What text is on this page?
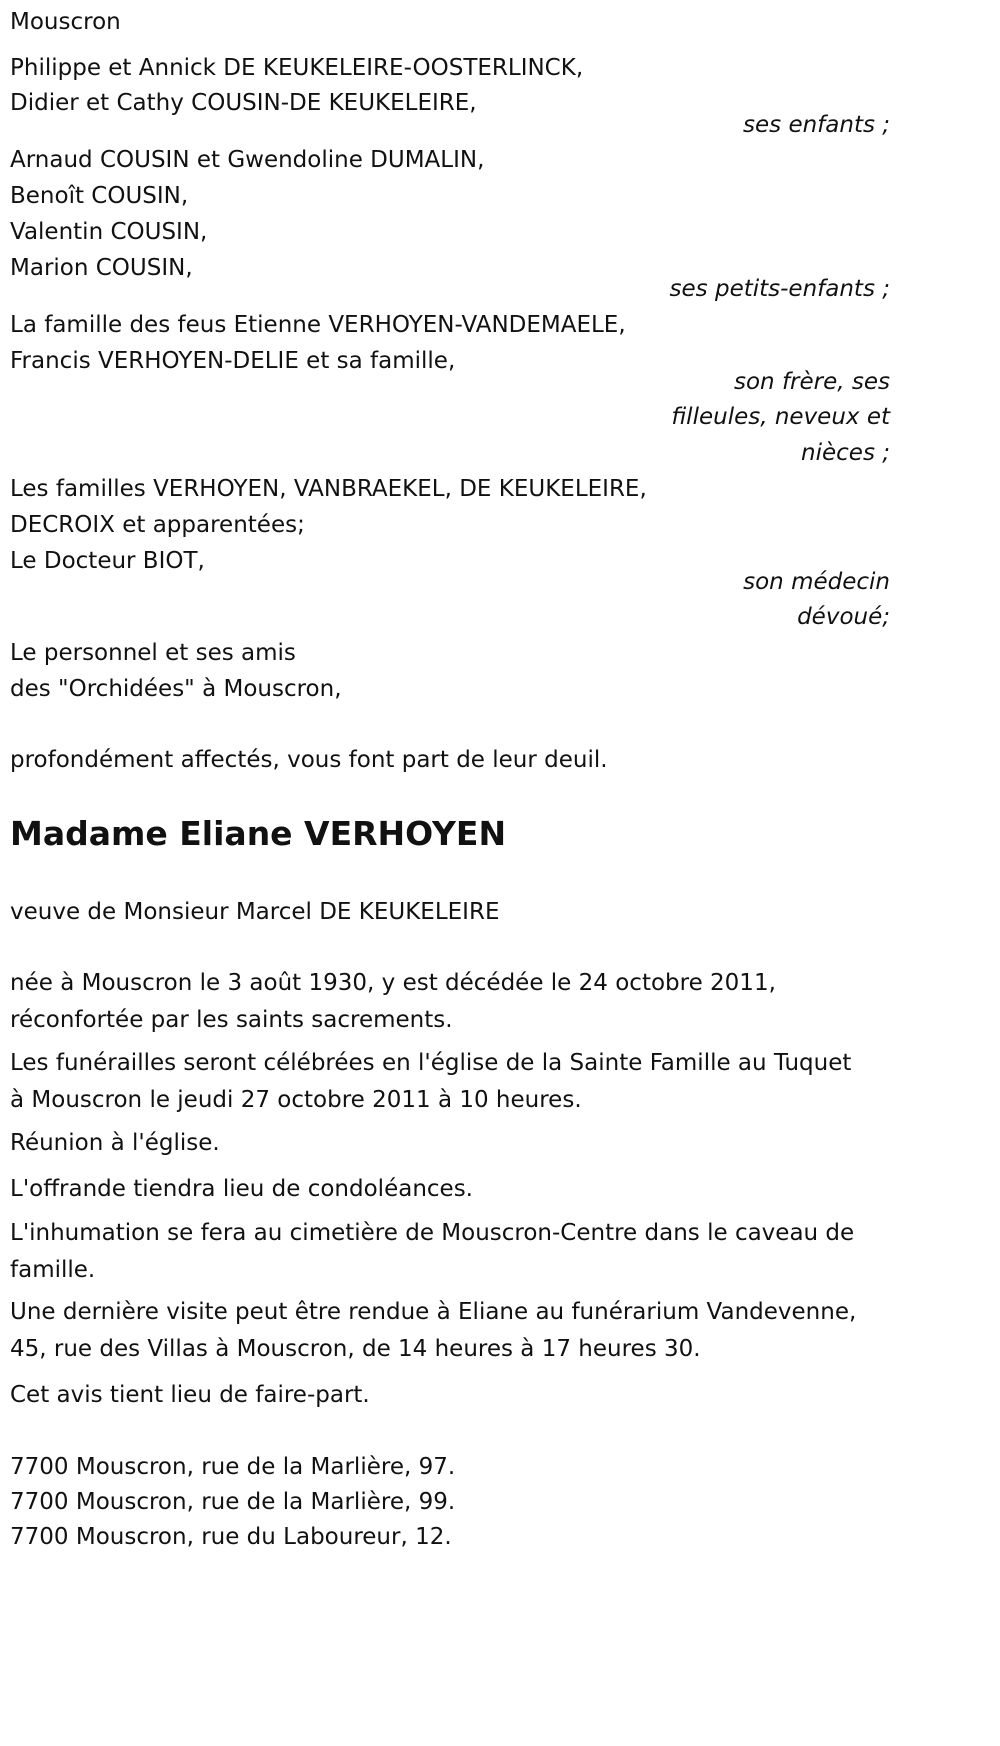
Mouscron
Philippe et Annick DE KEUKELEIRE-OOSTERLINCK,
Didier et Cathy COUSIN-DE KEUKELEIRE,
ses enfants ;
Arnaud COUSIN et Gwendoline DUMALIN,
Benoît COUSIN,
Valentin COUSIN,
Marion COUSIN,
ses petits-enfants ;
La famille des feus Etienne VERHOYEN-VANDEMAELE,
Francis VERHOYEN-DELIE et sa famille,
son frère, ses
filleules, neveux et
nièces ;
Les familles VERHOYEN, VANBRAEKEL, DE KEUKELEIRE,
DECROIX et apparentées;
Le Docteur BIOT,
son médecin
dévoué;
Le personnel et ses amis
des "Orchidées" à Mouscron,
profondément affectés, vous font part de leur deuil.
Madame Eliane VERHOYEN
veuve de Monsieur Marcel DE KEUKELEIRE
née à Mouscron le 3 août 1930, y est décédée le 24 octobre 2011,
réconfortée par les saints sacrements.
Les funérailles seront célébrées en l'église de la Sainte Famille au Tuquet
à Mouscron le jeudi 27 octobre 2011 à 10 heures.
Réunion à l'église.
L'offrande tiendra lieu de condoléances.
L'inhumation se fera au cimetière de Mouscron-Centre dans le caveau de
famille.
Une dernière visite peut être rendue à Eliane au funérarium Vandevenne,
45, rue des Villas à Mouscron, de 14 heures à 17 heures 30.
Cet avis tient lieu de faire-part.
7700 Mouscron, rue de la Marlière, 97.
7700 Mouscron, rue de la Marlière, 99.
7700 Mouscron, rue du Laboureur, 12.
